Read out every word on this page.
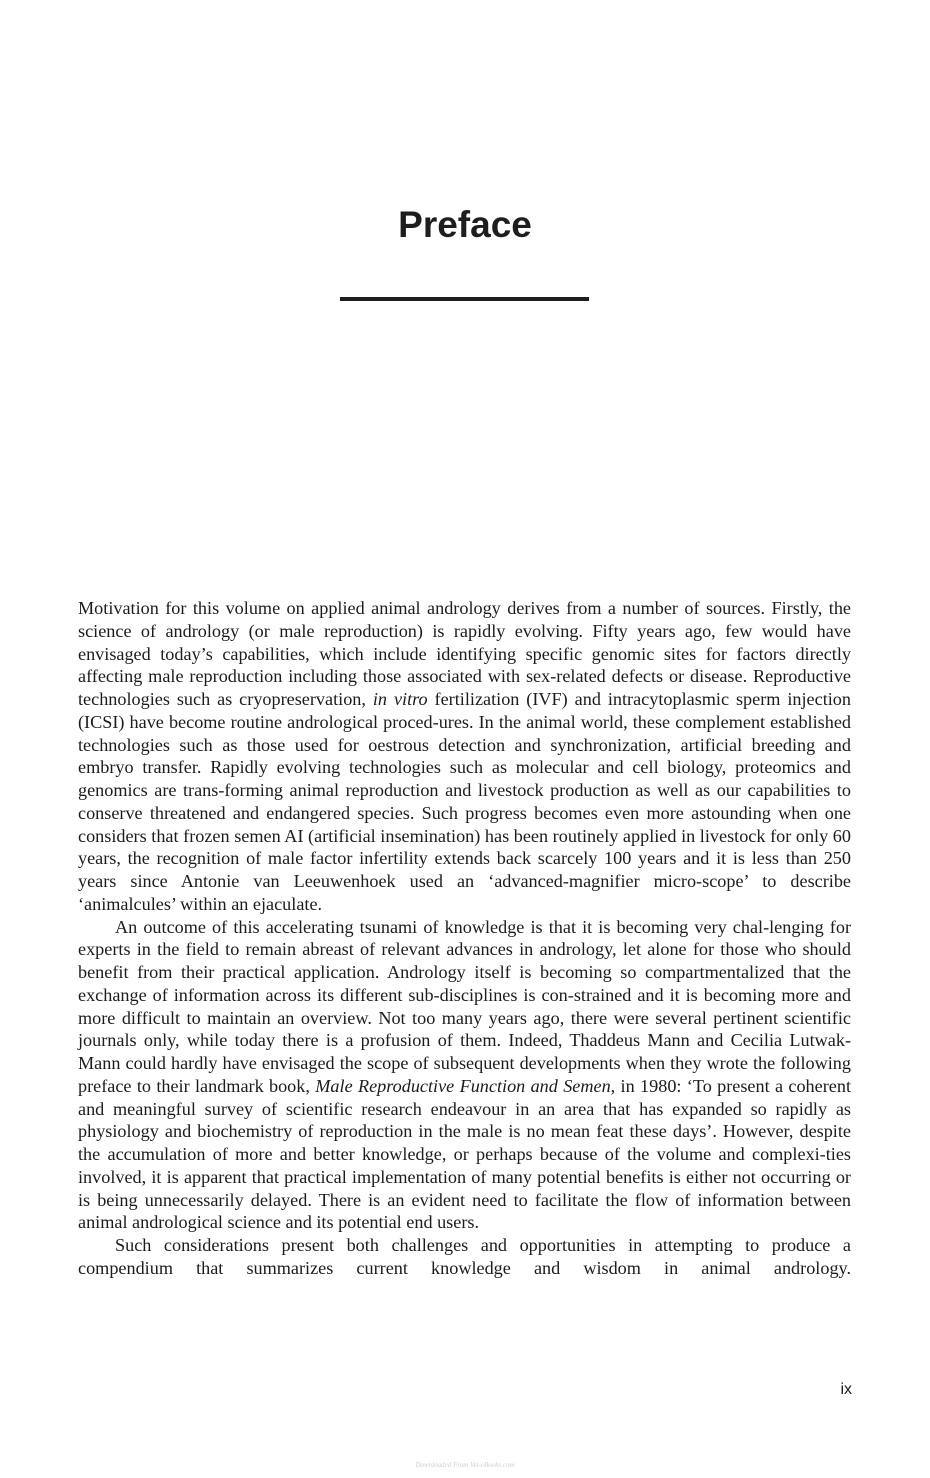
Preface

Motivation for this volume on applied animal andrology derives from a number of sources. Firstly, the science of andrology (or male reproduction) is rapidly evolving. Fifty years ago, few would have envisaged today’s capabilities, which include identifying specific genomic sites for factors directly affecting male reproduction including those associated with sex-related defects or disease. Reproductive technologies such as cryopreservation, in vitro fertilization (IVF) and intracytoplasmic sperm injection (ICSI) have become routine andrological proced-ures. In the animal world, these complement established technologies such as those used for oestrous detection and synchronization, artificial breeding and embryo transfer. Rapidly evolving technologies such as molecular and cell biology, proteomics and genomics are trans-forming animal reproduction and livestock production as well as our capabilities to conserve threatened and endangered species. Such progress becomes even more astounding when one considers that frozen semen AI (artificial insemination) has been routinely applied in livestock for only 60 years, the recognition of male factor infertility extends back scarcely 100 years and it is less than 250 years since Antonie van Leeuwenhoek used an ‘advanced-magnifier micro-scope’ to describe ‘animalcules’ within an ejaculate.

An outcome of this accelerating tsunami of knowledge is that it is becoming very chal-lenging for experts in the field to remain abreast of relevant advances in andrology, let alone for those who should benefit from their practical application. Andrology itself is becoming so compartmentalized that the exchange of information across its different sub-disciplines is con-strained and it is becoming more and more difficult to maintain an overview. Not too many years ago, there were several pertinent scientific journals only, while today there is a profusion of them. Indeed, Thaddeus Mann and Cecilia Lutwak-Mann could hardly have envisaged the scope of subsequent developments when they wrote the following preface to their landmark book, Male Reproductive Function and Semen, in 1980: ‘To present a coherent and meaningful survey of scientific research endeavour in an area that has expanded so rapidly as physiology and biochemistry of reproduction in the male is no mean feat these days’. However, despite the accumulation of more and better knowledge, or perhaps because of the volume and complexi-ties involved, it is apparent that practical implementation of many potential benefits is either not occurring or is being unnecessarily delayed. There is an evident need to facilitate the flow of information between animal andrological science and its potential end users.

Such considerations present both challenges and opportunities in attempting to produce a compendium that summarizes current knowledge and wisdom in animal andrology.

ix
Downloaded From Vet-eBooks.com
